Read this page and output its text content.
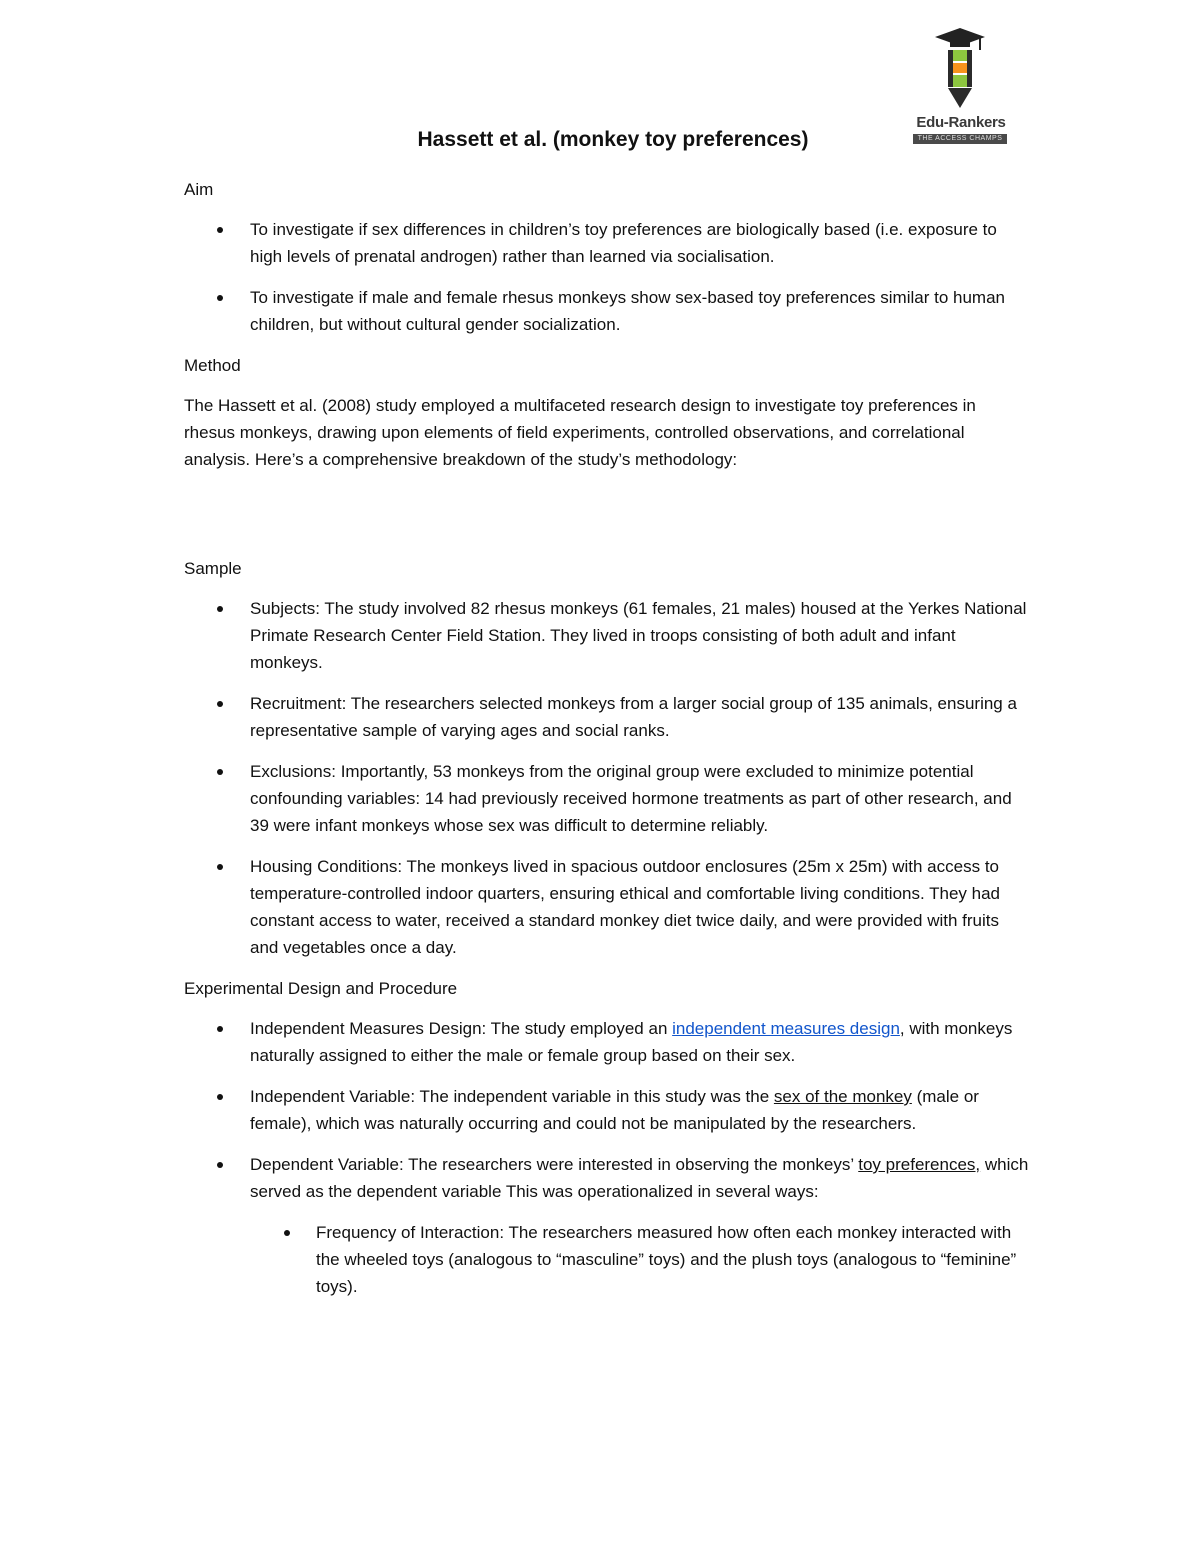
Edu-Rankers
THE ACCESS CHAMPS
Hassett et al. (monkey toy preferences)
Aim
To investigate if sex differences in children’s toy preferences are biologically based (i.e. exposure to high levels of prenatal androgen) rather than learned via socialisation.
To investigate if male and female rhesus monkeys show sex-based toy preferences similar to human children, but without cultural gender socialization.
Method

The Hassett et al. (2008) study employed a multifaceted research design to investigate toy preferences in rhesus monkeys, drawing upon elements of field experiments, controlled observations, and correlational analysis. Here’s a comprehensive breakdown of the study’s methodology:

Sample
Subjects: The study involved 82 rhesus monkeys (61 females, 21 males) housed at the Yerkes National Primate Research Center Field Station. They lived in troops consisting of both adult and infant monkeys.
Recruitment: The researchers selected monkeys from a larger social group of 135 animals, ensuring a representative sample of varying ages and social ranks.
Exclusions: Importantly, 53 monkeys from the original group were excluded to minimize potential confounding variables: 14 had previously received hormone treatments as part of other research, and 39 were infant monkeys whose sex was difficult to determine reliably.
Housing Conditions: The monkeys lived in spacious outdoor enclosures (25m x 25m) with access to temperature-controlled indoor quarters, ensuring ethical and comfortable living conditions. They had constant access to water, received a standard monkey diet twice daily, and were provided with fruits and vegetables once a day.
Experimental Design and Procedure
Independent Measures Design: The study employed an independent measures design, with monkeys naturally assigned to either the male or female group based on their sex.
Independent Variable: The independent variable in this study was the sex of the monkey (male or female), which was naturally occurring and could not be manipulated by the researchers.
Dependent Variable: The researchers were interested in observing the monkeys’ toy preferences, which served as the dependent variable This was operationalized in several ways:
Frequency of Interaction: The researchers measured how often each monkey interacted with the wheeled toys (analogous to “masculine” toys) and the plush toys (analogous to “feminine” toys).
